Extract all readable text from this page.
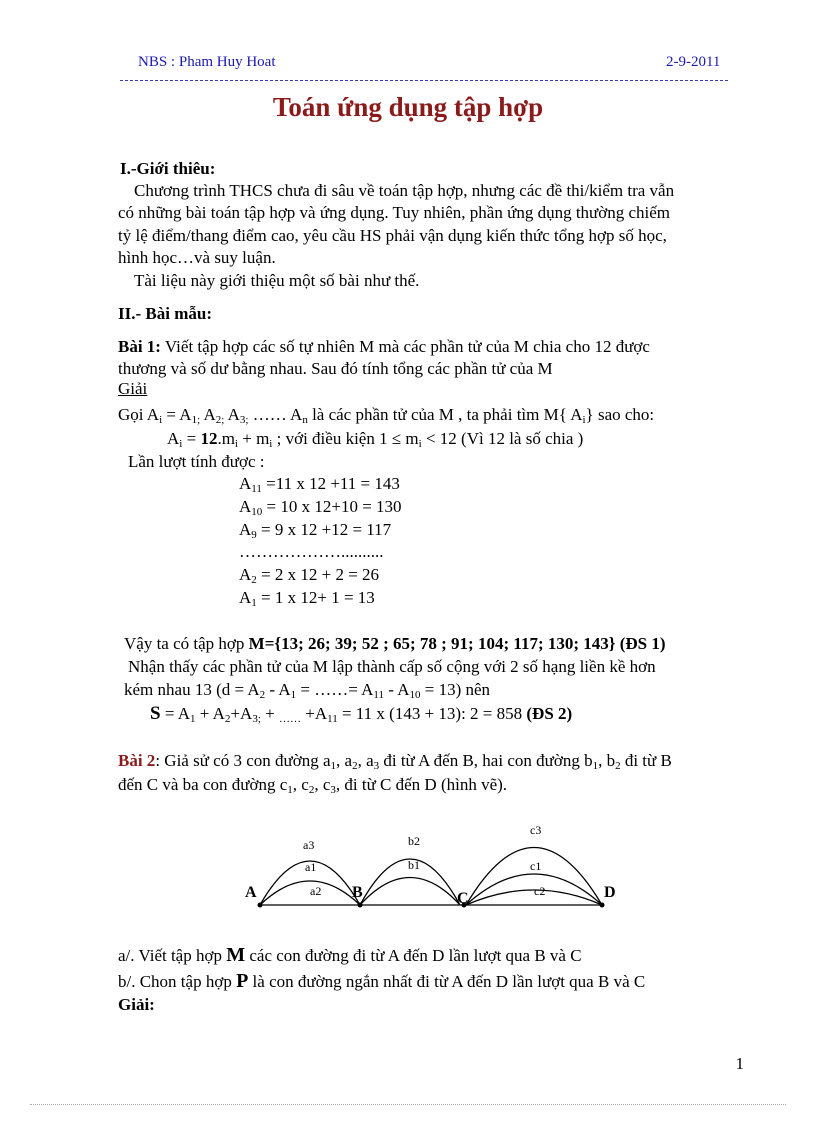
NBS : Pham Huy Hoat	2-9-2011
Toán ứng dụng tập hợp
I.-Giới thiêu:
Chương trình THCS chưa đi sâu về toán tập hợp, nhưng các đề thi/kiểm tra vẫn
có những bài toán tập hợp và ứng dụng. Tuy nhiên, phần ứng dụng thường chiếm
tỷ lệ điểm/thang điểm cao, yêu cầu HS phải vận dụng kiến thức tổng hợp số học,
hình học…và suy luận.
Tài liệu này giới thiệu một số bài như thế.
II.- Bài mẫu:
Bài 1: Viết tập hợp các số tự nhiên M mà các phần tử của M chia cho 12 được
thương và số dư bằng nhau. Sau đó tính tổng các phần tử của M
Giải
Gọi $A_i = A_{1;}$ $A_{2;}$ $A_{3;}$ …… $A_n$ là các phần tử của M , ta phải tìm M{ $A_i$} sao cho:
$A_i = 12.m_i + m_i$ ; với điều kiện $1 \le m_i < 12$ (Vì 12 là số chia )
Lần lượt tính được :
$A_{11} =11$ x 12 +11 = 143
$A_{10} = 10$ x 12+10 = 130
$A_9 = 9$ x 12 +12 = 117
………………..........
$A_2 = 2$ x 12 + 2 = 26
$A_1 = 1$ x 12+ 1 = 13
Vậy ta có tập hợp M={13; 26; 39; 52 ; 65; 78 ; 91; 104; 117; 130; 143} (ĐS 1)
Nhận thấy các phần tử của M lập thành cấp số cộng với 2 số hạng liền kề hơn
kém nhau 13 ($d = A_2 - A_1$ = ……= $A_{11} - A_{10} = 13$) nên
$S = A_1 + A_2+A_{3;} + _{\dots\dots} +A_{11} = 11$ x (143 + 13): 2 = 858 (ĐS 2)
Bài 2: Giả sử có 3 con đường $a_1$, $a_2$, $a_3$ đi từ A đến B, hai con đường $b_1$, $b_2$ đi từ B
đến C và ba con đường $c_1$, $c_2$, $c_3$, đi từ C đến D (hình vẽ).
A	B	C	D
a3
a1
a2
b2
b1
c3
c1
c2
a/. Viết tập hợp M các con đường đi từ A đến D lần lượt qua B và C
b/. Chon tập hợp P là con đường ngắn nhất đi từ A đến D lần lượt qua B và C
Giải:
1
